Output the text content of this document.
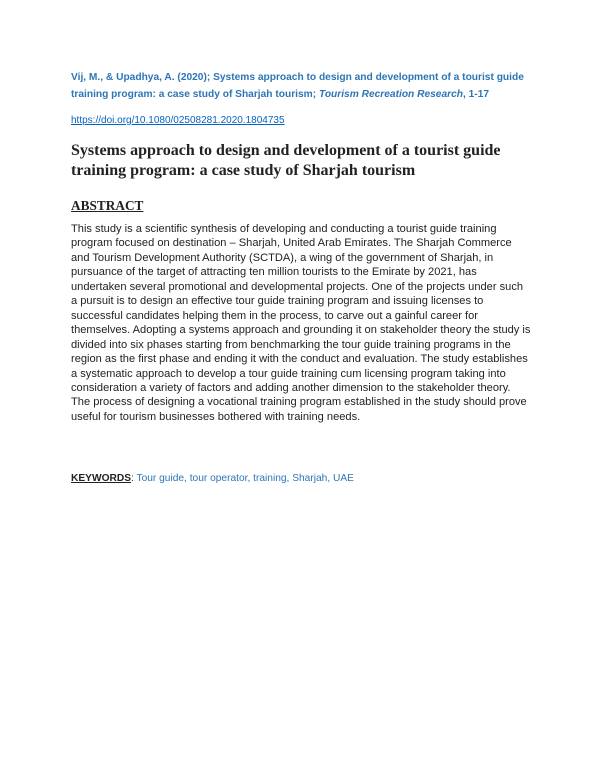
Vij, M., & Upadhya, A. (2020); Systems approach to design and development of a tourist guide training program: a case study of Sharjah tourism; Tourism Recreation Research, 1-17
https://doi.org/10.1080/02508281.2020.1804735
Systems approach to design and development of a tourist guide training program: a case study of Sharjah tourism
ABSTRACT

This study is a scientific synthesis of developing and conducting a tourist guide training program focused on destination – Sharjah, United Arab Emirates. The Sharjah Commerce and Tourism Development Authority (SCTDA), a wing of the government of Sharjah, in pursuance of the target of attracting ten million tourists to the Emirate by 2021, has undertaken several promotional and developmental projects. One of the projects under such a pursuit is to design an effective tour guide training program and issuing licenses to successful candidates helping them in the process, to carve out a gainful career for themselves. Adopting a systems approach and grounding it on stakeholder theory the study is divided into six phases starting from benchmarking the tour guide training programs in the region as the first phase and ending it with the conduct and evaluation. The study establishes a systematic approach to develop a tour guide training cum licensing program taking into consideration a variety of factors and adding another dimension to the stakeholder theory. The process of designing a vocational training program established in the study should prove useful for tourism businesses bothered with training needs.

KEYWORDS: Tour guide, tour operator, training, Sharjah, UAE
